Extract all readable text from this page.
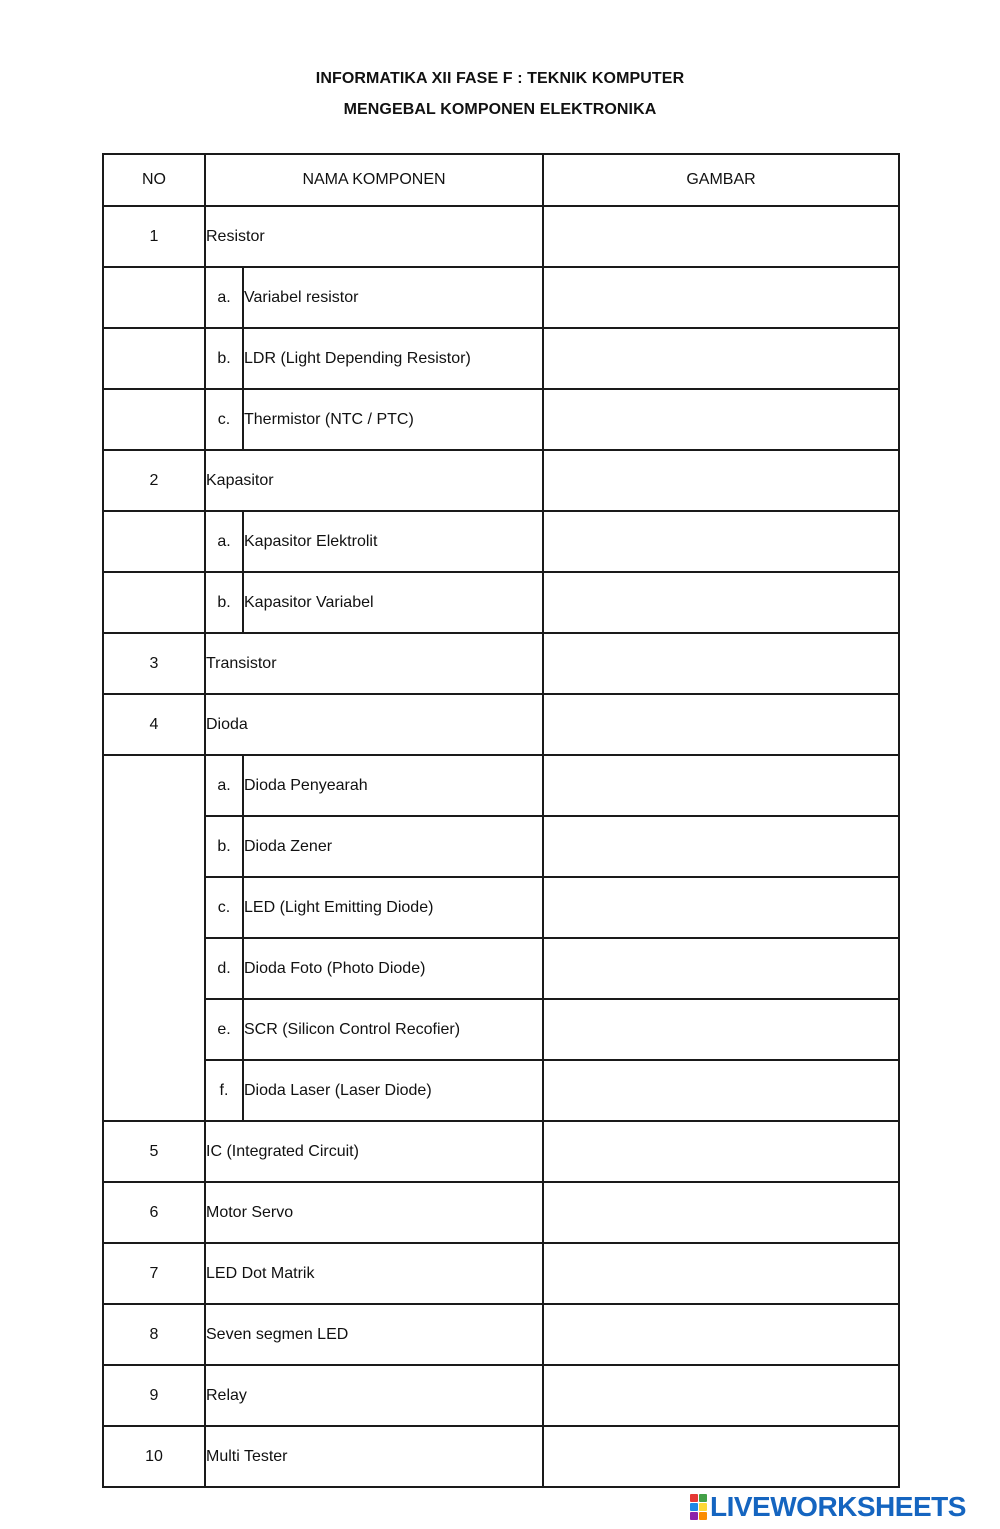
INFORMATIKA XII FASE F : TEKNIK KOMPUTER
MENGEBAL KOMPONEN ELEKTRONIKA
NO	NAMA KOMPONEN		GAMBAR
1	Resistor		
	a.	Variabel resistor	
	b.	LDR (Light Depending Resistor)	
	c.	Thermistor (NTC / PTC)	
2	Kapasitor		
	a.	Kapasitor Elektrolit	
	b.	Kapasitor Variabel	
3	Transistor		
4	Dioda		
	a.	Dioda Penyearah	
	b.	Dioda Zener	
	c.	LED (Light Emitting Diode)	
	d.	Dioda Foto (Photo Diode)	
	e.	SCR (Silicon Control Recofier)	
	f.	Dioda Laser (Laser Diode)	
5	IC (Integrated Circuit)		
6	Motor Servo		
7	LED Dot Matrik		
8	Seven segmen LED		
9	Relay		
10	Multi Tester		
LIVEWORKSHEETS
